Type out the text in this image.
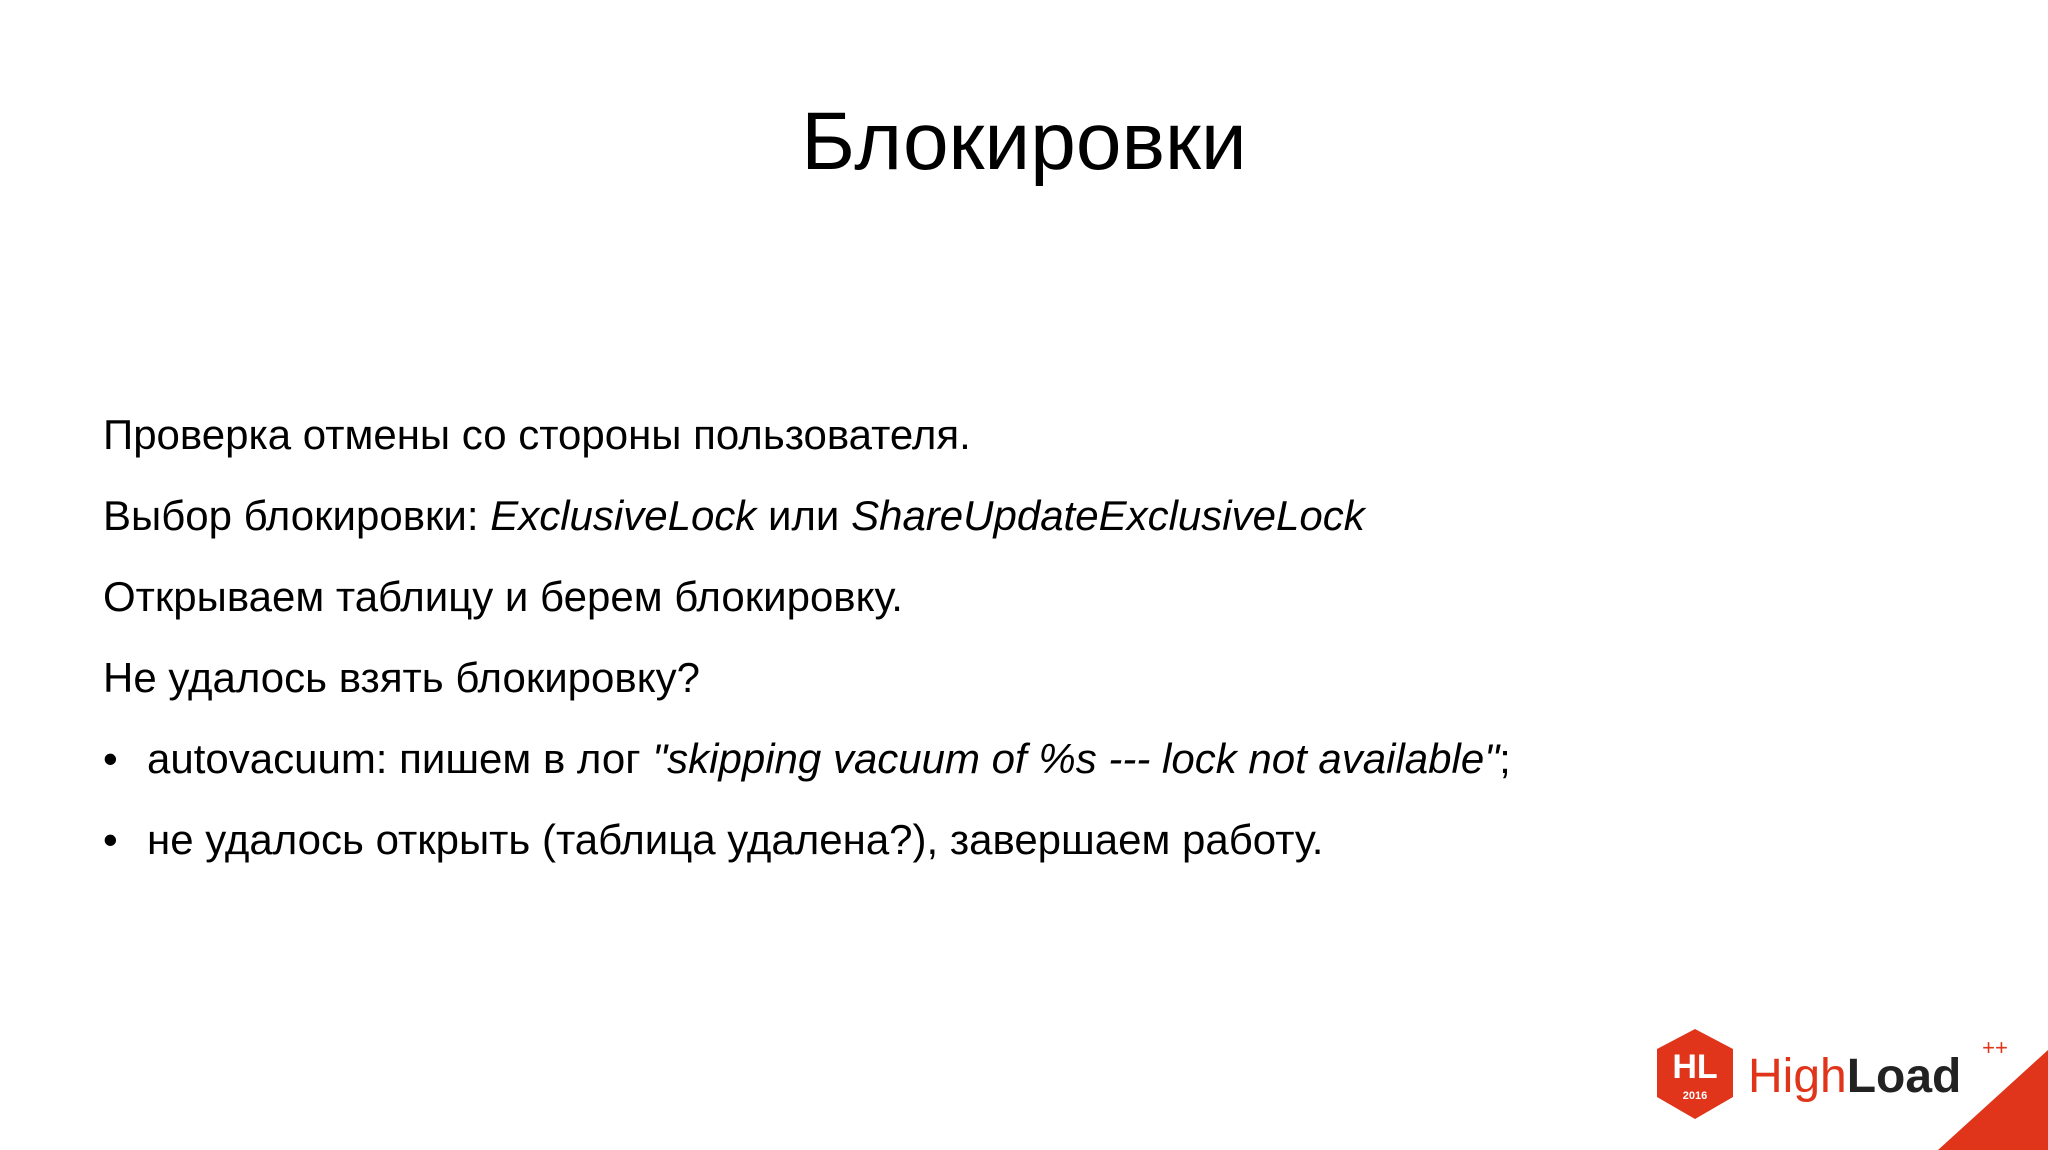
Блокировки
Проверка отмены со стороны пользователя.
Выбор блокировки: ExclusiveLock или ShareUpdateExclusiveLock
Открываем таблицу и берем блокировку.
Не удалось взять блокировку?
• autovacuum: пишем в лог "skipping vacuum of %s --- lock not available";
• не удалось открыть (таблица удалена?), завершаем работу.
HL
2016 HighLoad
++
